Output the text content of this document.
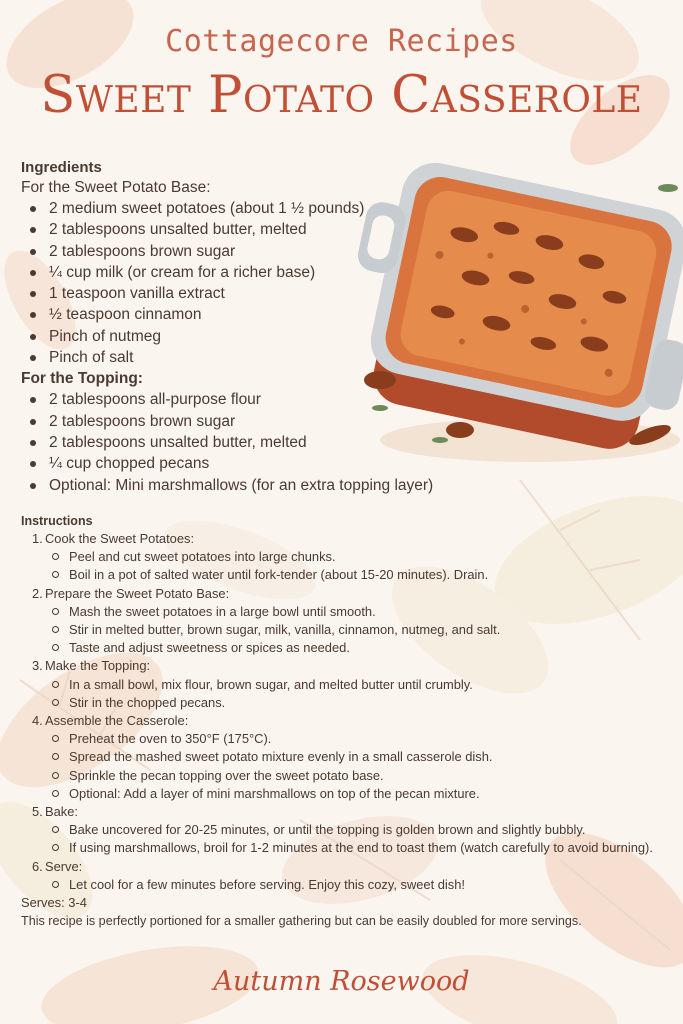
Cottagecore Recipes
Sweet Potato Casserole
Ingredients
For the Sweet Potato Base:
2 medium sweet potatoes (about 1 ½ pounds)
2 tablespoons unsalted butter, melted
2 tablespoons brown sugar
¼ cup milk (or cream for a richer base)
1 teaspoon vanilla extract
½ teaspoon cinnamon
Pinch of nutmeg
Pinch of salt
For the Topping:
2 tablespoons all-purpose flour
2 tablespoons brown sugar
2 tablespoons unsalted butter, melted
¼ cup chopped pecans
Optional: Mini marshmallows (for an extra topping layer)
Instructions
1. Cook the Sweet Potatoes:
Peel and cut sweet potatoes into large chunks.
Boil in a pot of salted water until fork-tender (about 15-20 minutes). Drain.
2. Prepare the Sweet Potato Base:
Mash the sweet potatoes in a large bowl until smooth.
Stir in melted butter, brown sugar, milk, vanilla, cinnamon, nutmeg, and salt.
Taste and adjust sweetness or spices as needed.
3. Make the Topping:
In a small bowl, mix flour, brown sugar, and melted butter until crumbly.
Stir in the chopped pecans.
4. Assemble the Casserole:
Preheat the oven to 350°F (175°C).
Spread the mashed sweet potato mixture evenly in a small casserole dish.
Sprinkle the pecan topping over the sweet potato base.
Optional: Add a layer of mini marshmallows on top of the pecan mixture.
5. Bake:
Bake uncovered for 20-25 minutes, or until the topping is golden brown and slightly bubbly.
If using marshmallows, broil for 1-2 minutes at the end to toast them (watch carefully to avoid burning).
6. Serve:
Let cool for a few minutes before serving. Enjoy this cozy, sweet dish!
Serves: 3-4
This recipe is perfectly portioned for a smaller gathering but can be easily doubled for more servings.
Autumn Rosewood
